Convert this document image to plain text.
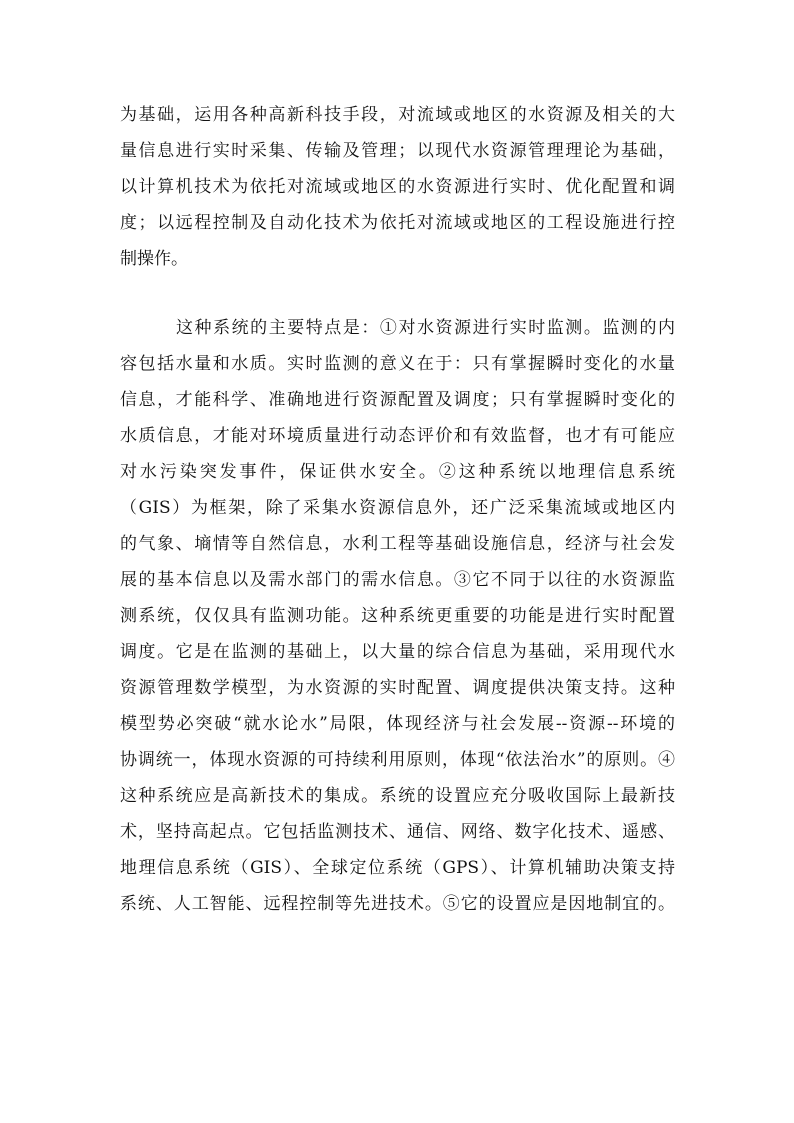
为基础，运用各种高新科技手段，对流域或地区的水资源及相关的大
量信息进行实时采集、传输及管理；以现代水资源管理理论为基础，
以计算机技术为依托对流域或地区的水资源进行实时、优化配置和调
度；以远程控制及自动化技术为依托对流域或地区的工程设施进行控
制操作。
这种系统的主要特点是：①对水资源进行实时监测。监测的内
容包括水量和水质。实时监测的意义在于：只有掌握瞬时变化的水量
信息，才能科学、准确地进行资源配置及调度；只有掌握瞬时变化的
水质信息，才能对环境质量进行动态评价和有效监督，也才有可能应
对水污染突发事件，保证供水安全。②这种系统以地理信息系统
（GIS）为框架，除了采集水资源信息外，还广泛采集流域或地区内
的气象、墒情等自然信息，水利工程等基础设施信息，经济与社会发
展的基本信息以及需水部门的需水信息。③它不同于以往的水资源监
测系统，仅仅具有监测功能。这种系统更重要的功能是进行实时配置
调度。它是在监测的基础上，以大量的综合信息为基础，采用现代水
资源管理数学模型，为水资源的实时配置、调度提供决策支持。这种
模型势必突破“就水论水”局限，体现经济与社会发展--资源--环境的
协调统一，体现水资源的可持续利用原则，体现“依法治水”的原则。④
这种系统应是高新技术的集成。系统的设置应充分吸收国际上最新技
术，坚持高起点。它包括监测技术、通信、网络、数字化技术、遥感、
地理信息系统（GIS）、全球定位系统（GPS）、计算机辅助决策支持
系统、人工智能、远程控制等先进技术。⑤它的设置应是因地制宜的。
